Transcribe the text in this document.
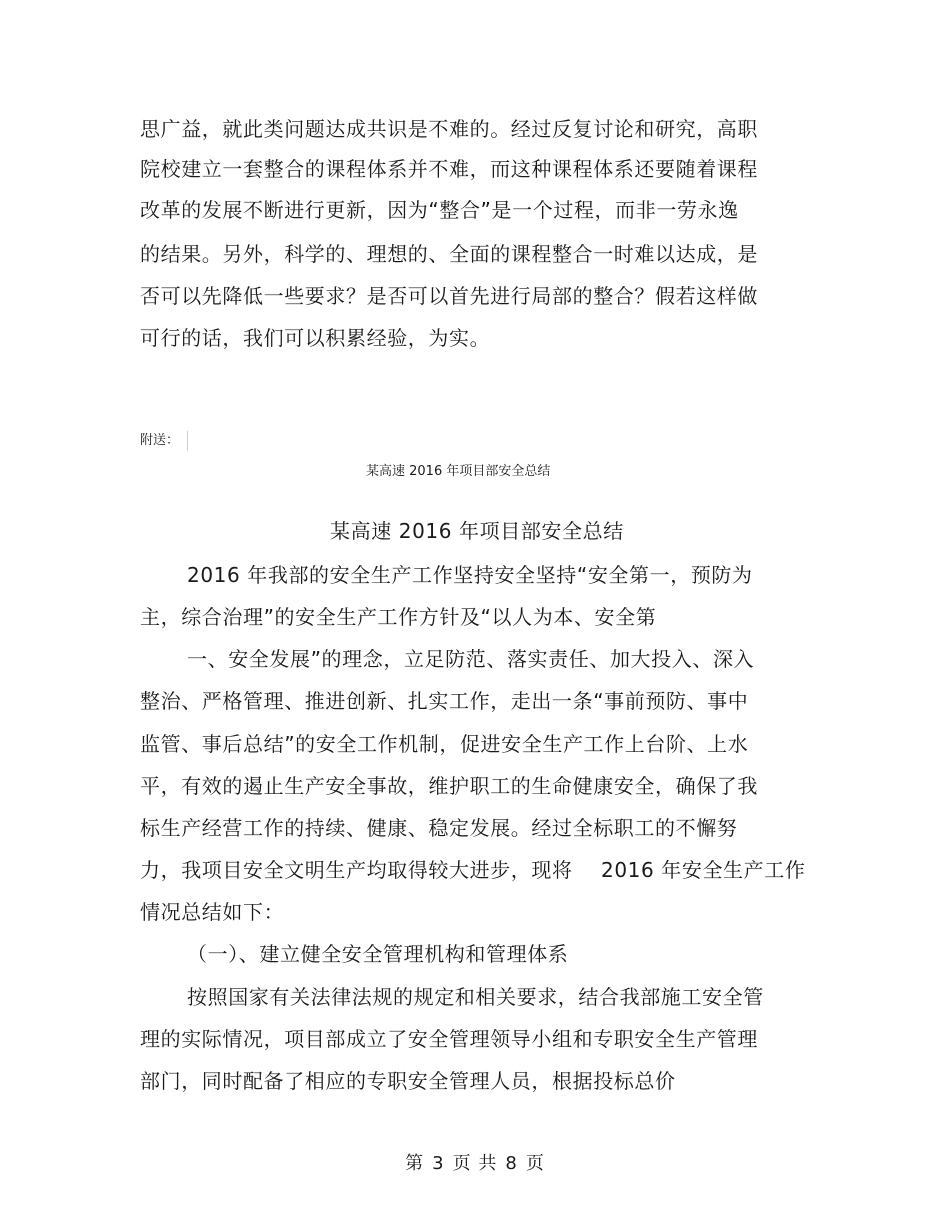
思广益，就此类问题达成共识是不难的。经过反复讨论和研究，高职
院校建立一套整合的课程体系并不难，而这种课程体系还要随着课程
改革的发展不断进行更新，因为“整合”是一个过程，而非一劳永逸
的结果。另外，科学的、理想的、全面的课程整合一时难以达成，是
否可以先降低一些要求？是否可以首先进行局部的整合？假若这样做
可行的话，我们可以积累经验，为实。
附送：
某高速 2016 年项目部安全总结
某高速 2016 年项目部安全总结
2016 年我部的安全生产工作坚持安全坚持“安全第一，预防为
主，综合治理”的安全生产工作方针及“以人为本、安全第
一、安全发展”的理念，立足防范、落实责任、加大投入、深入
整治、严格管理、推进创新、扎实工作，走出一条“事前预防、事中
监管、事后总结”的安全工作机制，促进安全生产工作上台阶、上水
平，有效的遏止生产安全事故，维护职工的生命健康安全，确保了我
标生产经营工作的持续、健康、稳定发展。经过全标职工的不懈努
力，我项目安全文明生产均取得较大进步，现将 2016 年安全生产工作
情况总结如下：
（一）、建立健全安全管理机构和管理体系
按照国家有关法律法规的规定和相关要求，结合我部施工安全管
理的实际情况，项目部成立了安全管理领导小组和专职安全生产管理
部门，同时配备了相应的专职安全管理人员，根据投标总价
第 3 页 共 8 页
